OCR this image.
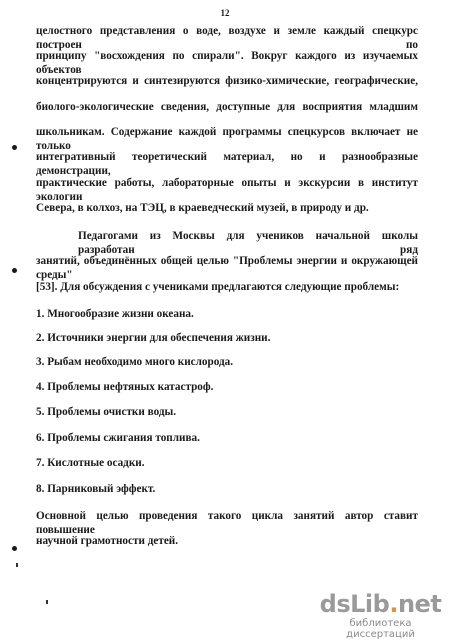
12
целостного представления о воде, воздухе и земле каждый спецкурс построен по
принципу "восхождения по спирали". Вокруг каждого из изучаемых объектов
концентрируются и синтезируются физико-химические, географические,
биолого-экологические сведения, доступные для восприятия младшим
школьникам. Содержание каждой программы спецкурсов включает не только
интегративный теоретический материал, но и разнообразные демонстрации,
практические работы, лабораторные опыты и экскурсии в институт экологии
Севера, в колхоз, на ТЭЦ, в краеведческий музей, в природу и др.
Педагогами из Москвы для учеников начальной школы разработан ряд
занятий, объединённых общей целью "Проблемы энергии и окружающей среды"
[53]. Для обсуждения с учениками предлагаются следующие проблемы:
1. Многообразие жизни океана.
2. Источники энергии для обеспечения жизни.
3. Рыбам необходимо много кислорода.
4. Проблемы нефтяных катастроф.
5. Проблемы очистки воды.
6. Проблемы сжигания топлива.
7. Кислотные осадки.
8. Парниковый эффект.
Основной целью проведения такого цикла занятий автор ставит повышение
научной грамотности детей.
dsLib.net
библиотека диссертаций
